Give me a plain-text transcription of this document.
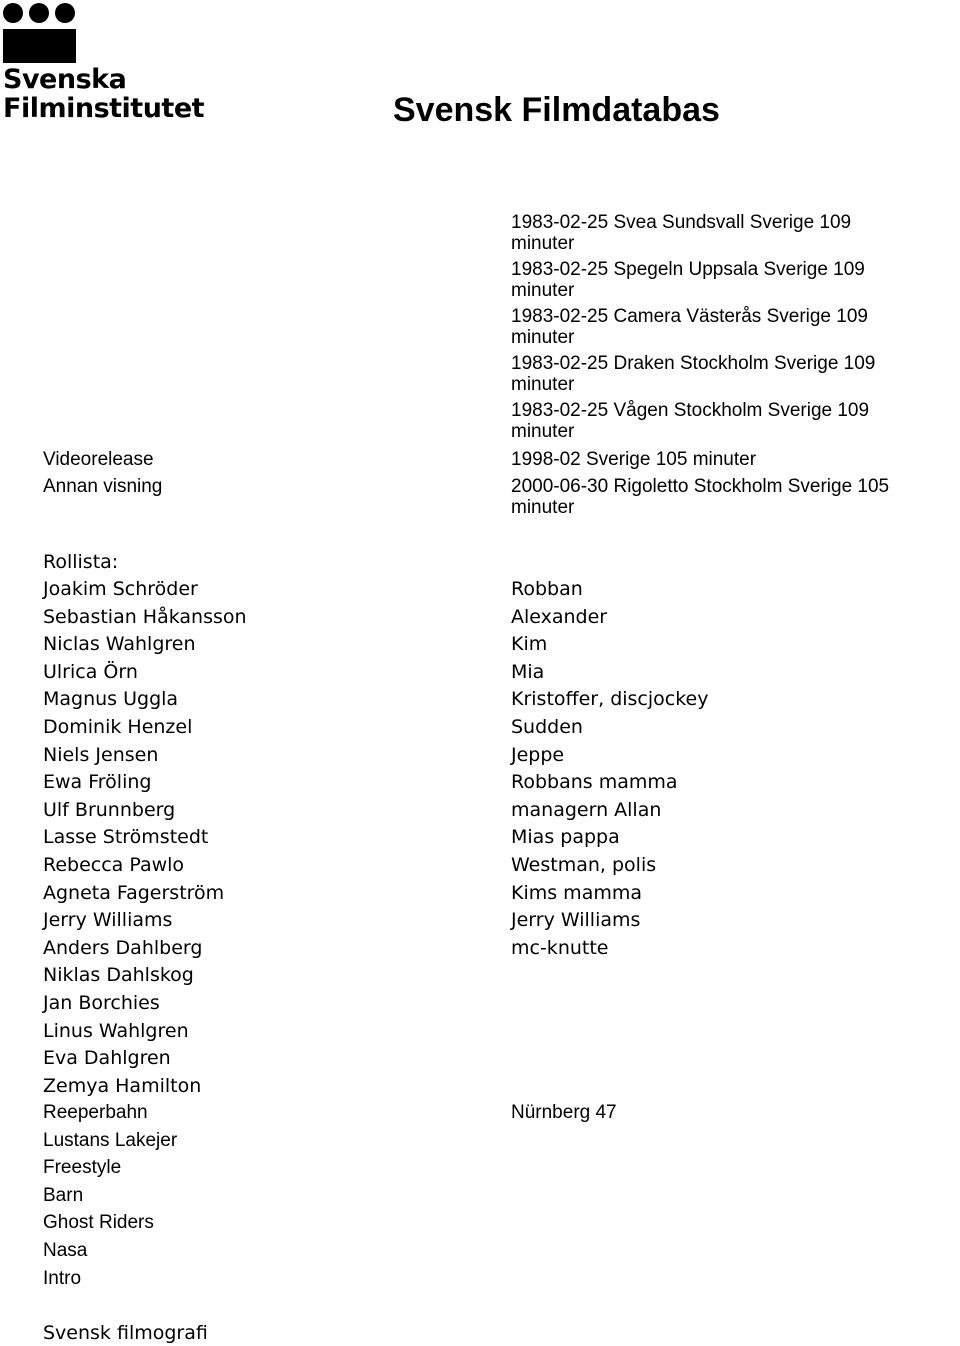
Svenska
Filminstitutet	Svensk Filmdatabas
1983-02-25 Svea Sundsvall Sverige 109
minuter
1983-02-25 Spegeln Uppsala Sverige 109
minuter
1983-02-25 Camera Västerås Sverige 109
minuter
1983-02-25 Draken Stockholm Sverige 109
minuter
1983-02-25 Vågen Stockholm Sverige 109
minuter
Videorelease	1998-02 Sverige 105 minuter
Annan visning	2000-06-30 Rigoletto Stockholm Sverige 105
minuter
Rollista:
Joakim Schröder	Robban
Sebastian Håkansson	Alexander
Niclas Wahlgren	Kim
Ulrica Örn	Mia
Magnus Uggla	Kristoffer, discjockey
Dominik Henzel	Sudden
Niels Jensen	Jeppe
Ewa Fröling	Robbans mamma
Ulf Brunnberg	managern Allan
Lasse Strömstedt	Mias pappa
Rebecca Pawlo	Westman, polis
Agneta Fagerström	Kims mamma
Jerry Williams	Jerry Williams
Anders Dahlberg	mc-knutte
Niklas Dahlskog
Jan Borchies
Linus Wahlgren
Eva Dahlgren
Zemya Hamilton
Reeperbahn	Nürnberg 47
Lustans Lakejer
Freestyle
Barn
Ghost Riders
Nasa
Intro
Svensk filmografi
